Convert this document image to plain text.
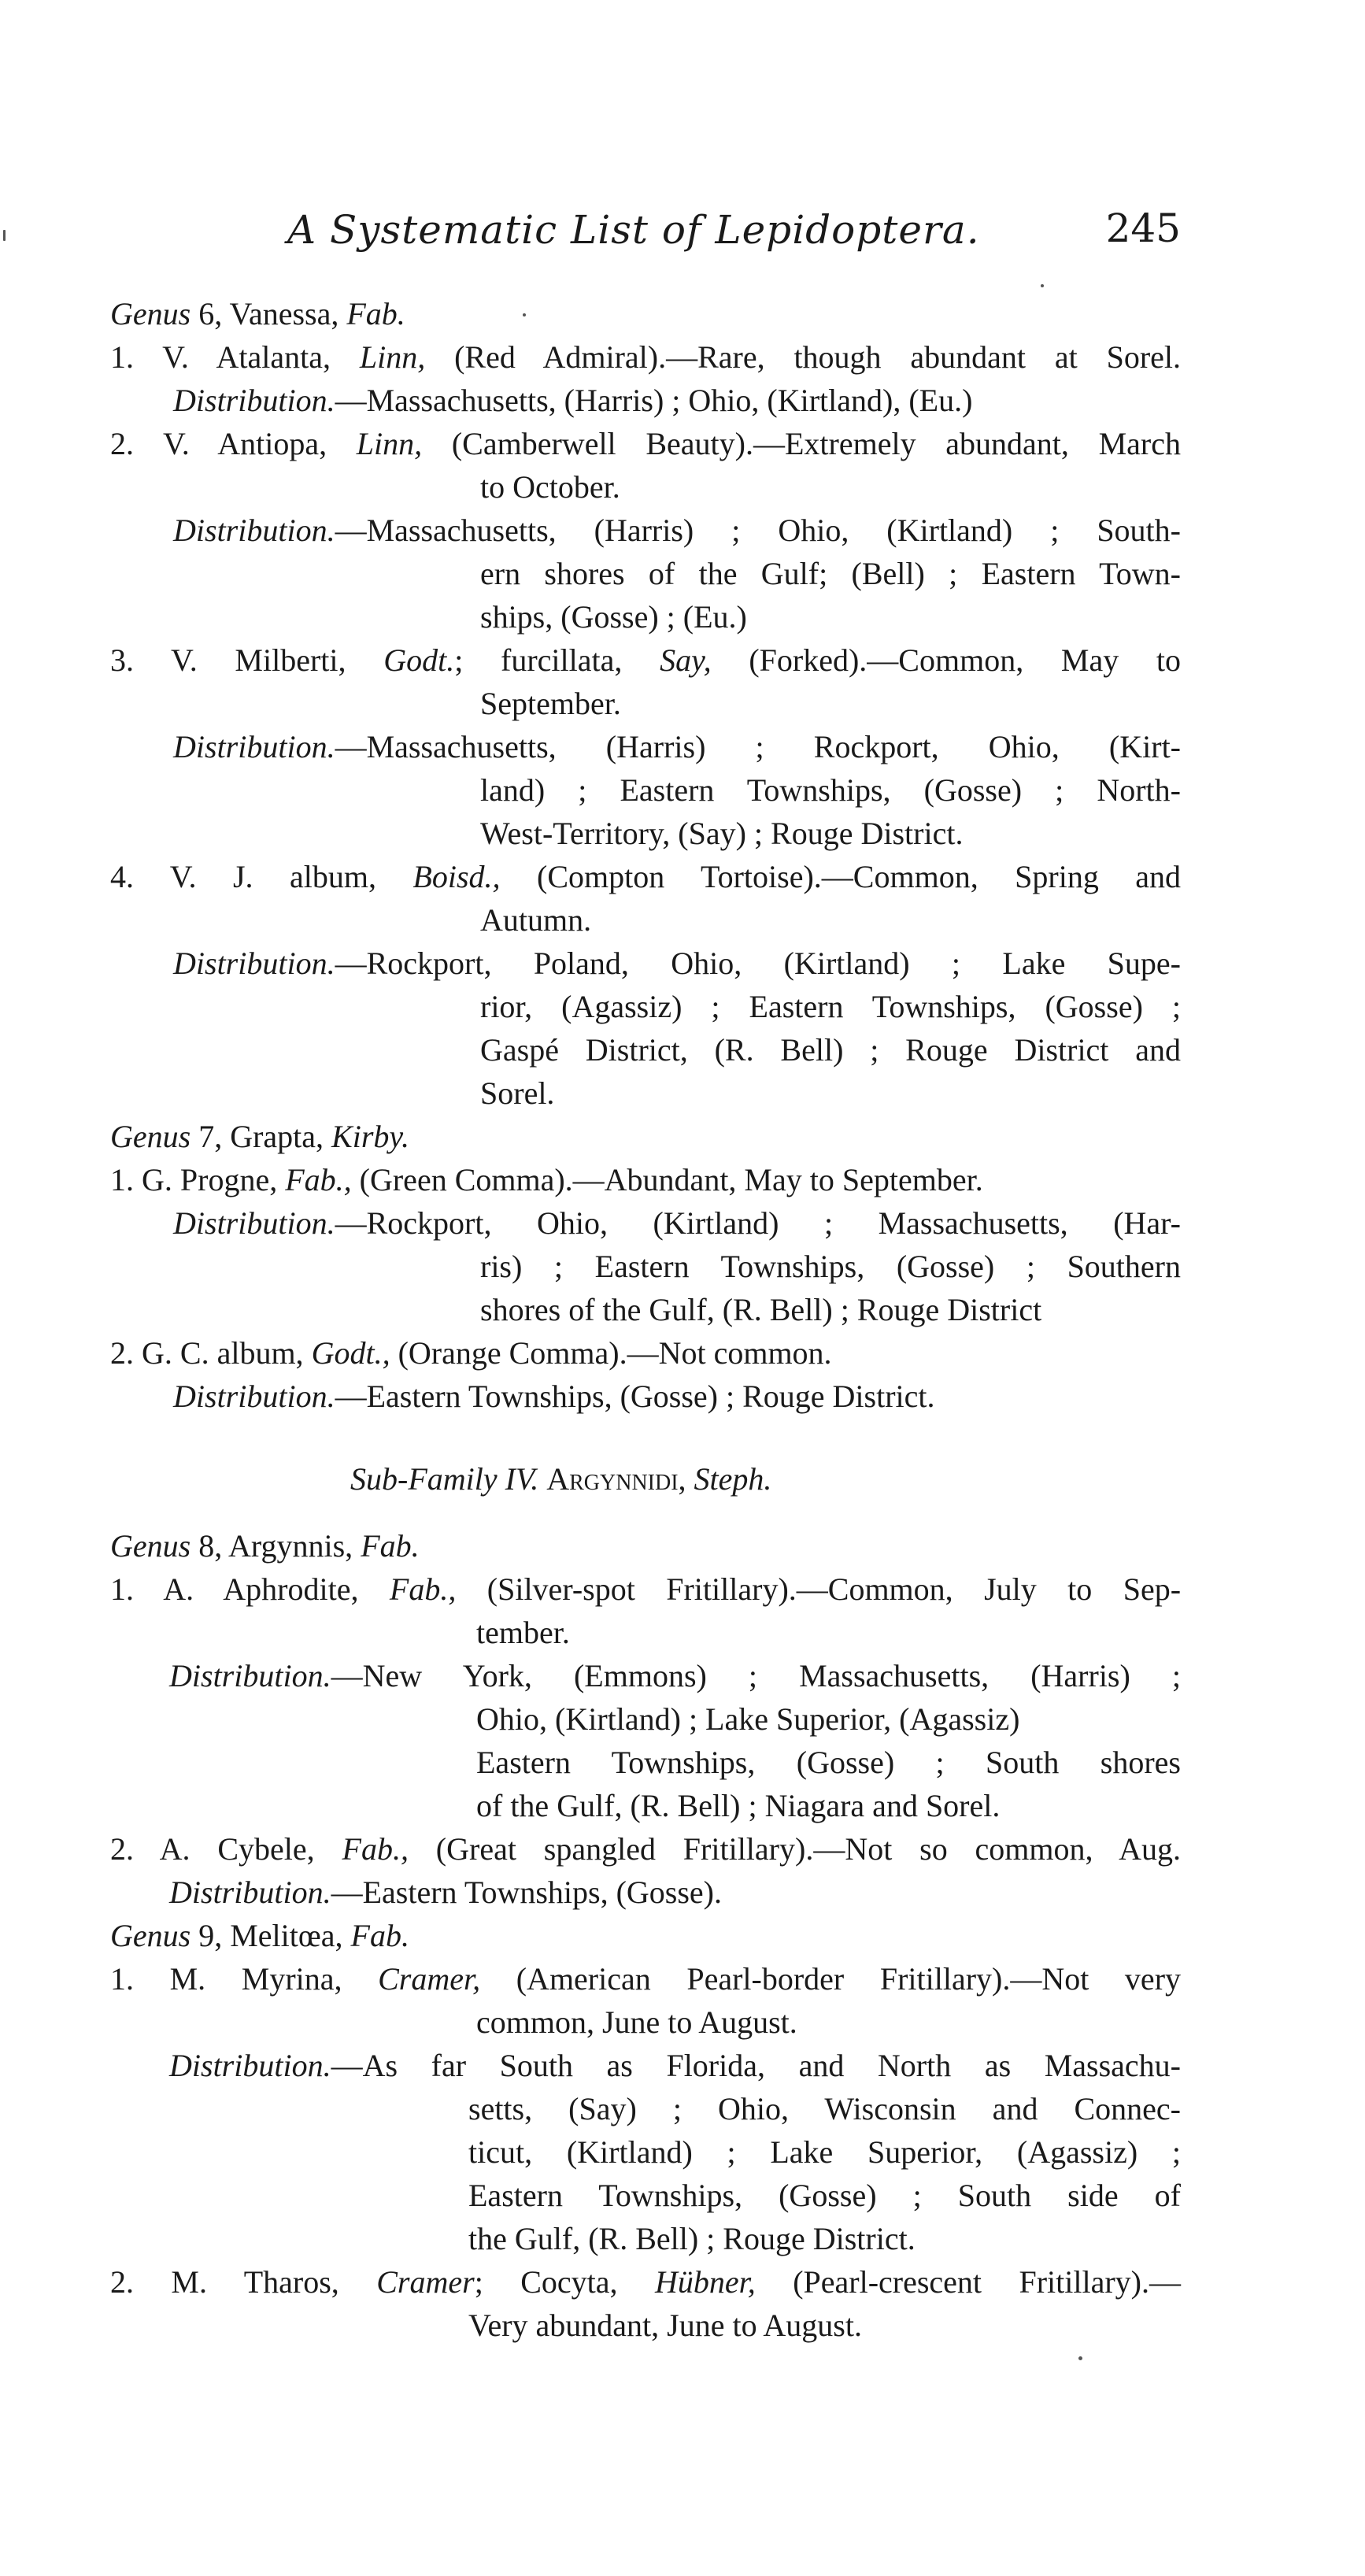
A Systematic List of Lepidoptera.	245
Genus 6, Vanessa, Fab.
1. V. Atalanta, Linn, (Red Admiral).—Rare, though abundant at Sorel.
Distribution.—Massachusetts, (Harris) ; Ohio, (Kirtland), (Eu.)
2. V. Antiopa, Linn, (Camberwell Beauty).—Extremely abundant, March
to October.
Distribution.—Massachusetts, (Harris) ; Ohio, (Kirtland) ; South-
ern shores of the Gulf; (Bell) ; Eastern Town-
ships, (Gosse) ; (Eu.)
3. V. Milberti, Godt.; furcillata, Say, (Forked).—Common, May to
September.
Distribution.—Massachusetts, (Harris) ; Rockport, Ohio, (Kirt-
land) ; Eastern Townships, (Gosse) ; North-
West-Territory, (Say) ; Rouge District.
4. V. J. album, Boisd., (Compton Tortoise).—Common, Spring and
Autumn.
Distribution.—Rockport, Poland, Ohio, (Kirtland) ; Lake Supe-
rior, (Agassiz) ; Eastern Townships, (Gosse) ;
Gaspé District, (R. Bell) ; Rouge District and
Sorel.
Genus 7, Grapta, Kirby.
1. G. Progne, Fab., (Green Comma).—Abundant, May to September.
Distribution.—Rockport, Ohio, (Kirtland) ; Massachusetts, (Har-
ris) ; Eastern Townships, (Gosse) ; Southern
shores of the Gulf, (R. Bell) ; Rouge District
2. G. C. album, Godt., (Orange Comma).—Not common.
Distribution.—Eastern Townships, (Gosse) ; Rouge District.
Sub-Family IV. Argynnidi, Steph.
Genus 8, Argynnis, Fab.
1. A. Aphrodite, Fab., (Silver-spot Fritillary).—Common, July to Sep-
tember.
Distribution.—New York, (Emmons) ; Massachusetts, (Harris) ;
Ohio, (Kirtland) ; Lake Superior, (Agassiz)
Eastern Townships, (Gosse) ; South shores
of the Gulf, (R. Bell) ; Niagara and Sorel.
2. A. Cybele, Fab., (Great spangled Fritillary).—Not so common, Aug.
Distribution.—Eastern Townships, (Gosse).
Genus 9, Melitœa, Fab.
1. M. Myrina, Cramer, (American Pearl-border Fritillary).—Not very
common, June to August.
Distribution.—As far South as Florida, and North as Massachu-
setts, (Say) ; Ohio, Wisconsin and Connec-
ticut, (Kirtland) ; Lake Superior, (Agassiz) ;
Eastern Townships, (Gosse) ; South side of
the Gulf, (R. Bell) ; Rouge District.
2. M. Tharos, Cramer; Cocyta, Hübner, (Pearl-crescent Fritillary).—
Very abundant, June to August.
